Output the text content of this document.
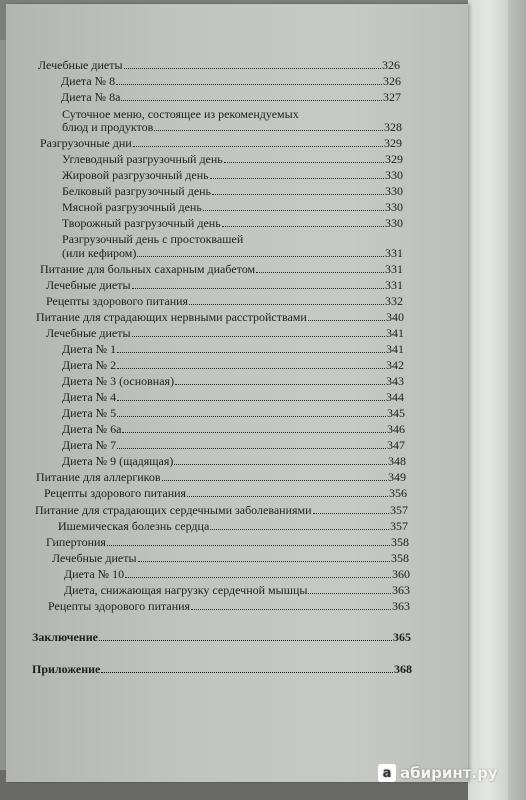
Лечебные диеты	326
Диета № 8	326
Диета № 8а	327
Суточное меню, состоящее из рекомендуемых
блюд и продуктов	328
Разгрузочные дни	329
Углеводный разгрузочный день	329
Жировой разгрузочный день	330
Белковый разгрузочный день	330
Мясной разгрузочный день	330
Творожный разгрузочный день	330
Разгрузочный день с простоквашей
(или кефиром)	331
Питание для больных сахарным диабетом	331
Лечебные диеты	331
Рецепты здорового питания	332
Питание для страдающих нервными расстройствами	340
Лечебные диеты	341
Диета № 1	341
Диета № 2	342
Диета № 3 (основная)	343
Диета № 4	344
Диета № 5	345
Диета № 6а	346
Диета № 7	347
Диета № 9 (щадящая)	348
Питание для аллергиков	349
Рецепты здорового питания	356
Питание для страдающих сердечными заболеваниями	357
Ишемическая болезнь сердца	357
Гипертония	358
Лечебные диеты	358
Диета № 10	360
Диета, снижающая нагрузку сердечной мышцы	363
Рецепты здорового питания	363
Заключение	365
Приложение	368
a абиринт.ру
